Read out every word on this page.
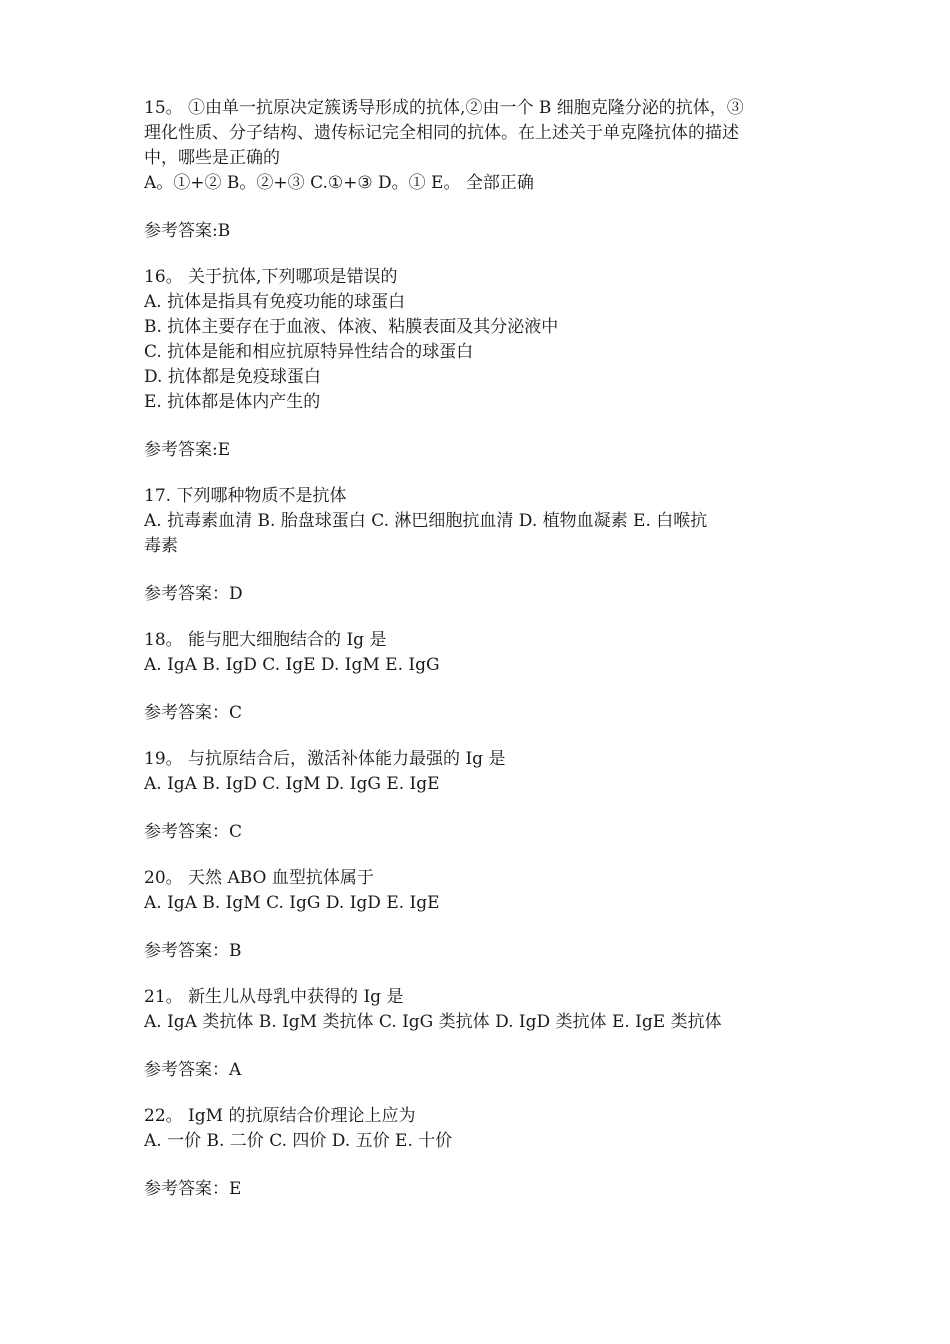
15。 ①由单一抗原决定簇诱导形成的抗体,②由一个 B 细胞克隆分泌的抗体，③

理化性质、分子结构、遗传标记完全相同的抗体。在上述关于单克隆抗体的描述

中，哪些是正确的

A。①+② B。②+③ C.①+③ D。① E。 全部正确

参考答案:B

16。 关于抗体,下列哪项是错误的

A. 抗体是指具有免疫功能的球蛋白

B. 抗体主要存在于血液、体液、粘膜表面及其分泌液中

C. 抗体是能和相应抗原特异性结合的球蛋白

D. 抗体都是免疫球蛋白

E. 抗体都是体内产生的

参考答案:E

17. 下列哪种物质不是抗体

A. 抗毒素血清 B. 胎盘球蛋白 C. 淋巴细胞抗血清 D. 植物血凝素 E. 白喉抗

毒素

参考答案：D

18。 能与肥大细胞结合的 Ig 是

A. IgA B. IgD C. IgE D. IgM E. IgG

参考答案：C

19。 与抗原结合后，激活补体能力最强的 Ig 是

A. IgA B. IgD C. IgM D. IgG E. IgE

参考答案：C

20。 天然 ABO 血型抗体属于

A. IgA B. IgM C. IgG D. IgD E. IgE

参考答案：B

21。 新生儿从母乳中获得的 Ig 是

A. IgA 类抗体 B. IgM 类抗体 C. IgG 类抗体 D. IgD 类抗体 E. IgE 类抗体

参考答案：A

22。 IgM 的抗原结合价理论上应为

A. 一价 B. 二价 C. 四价 D. 五价 E. 十价

参考答案：E
